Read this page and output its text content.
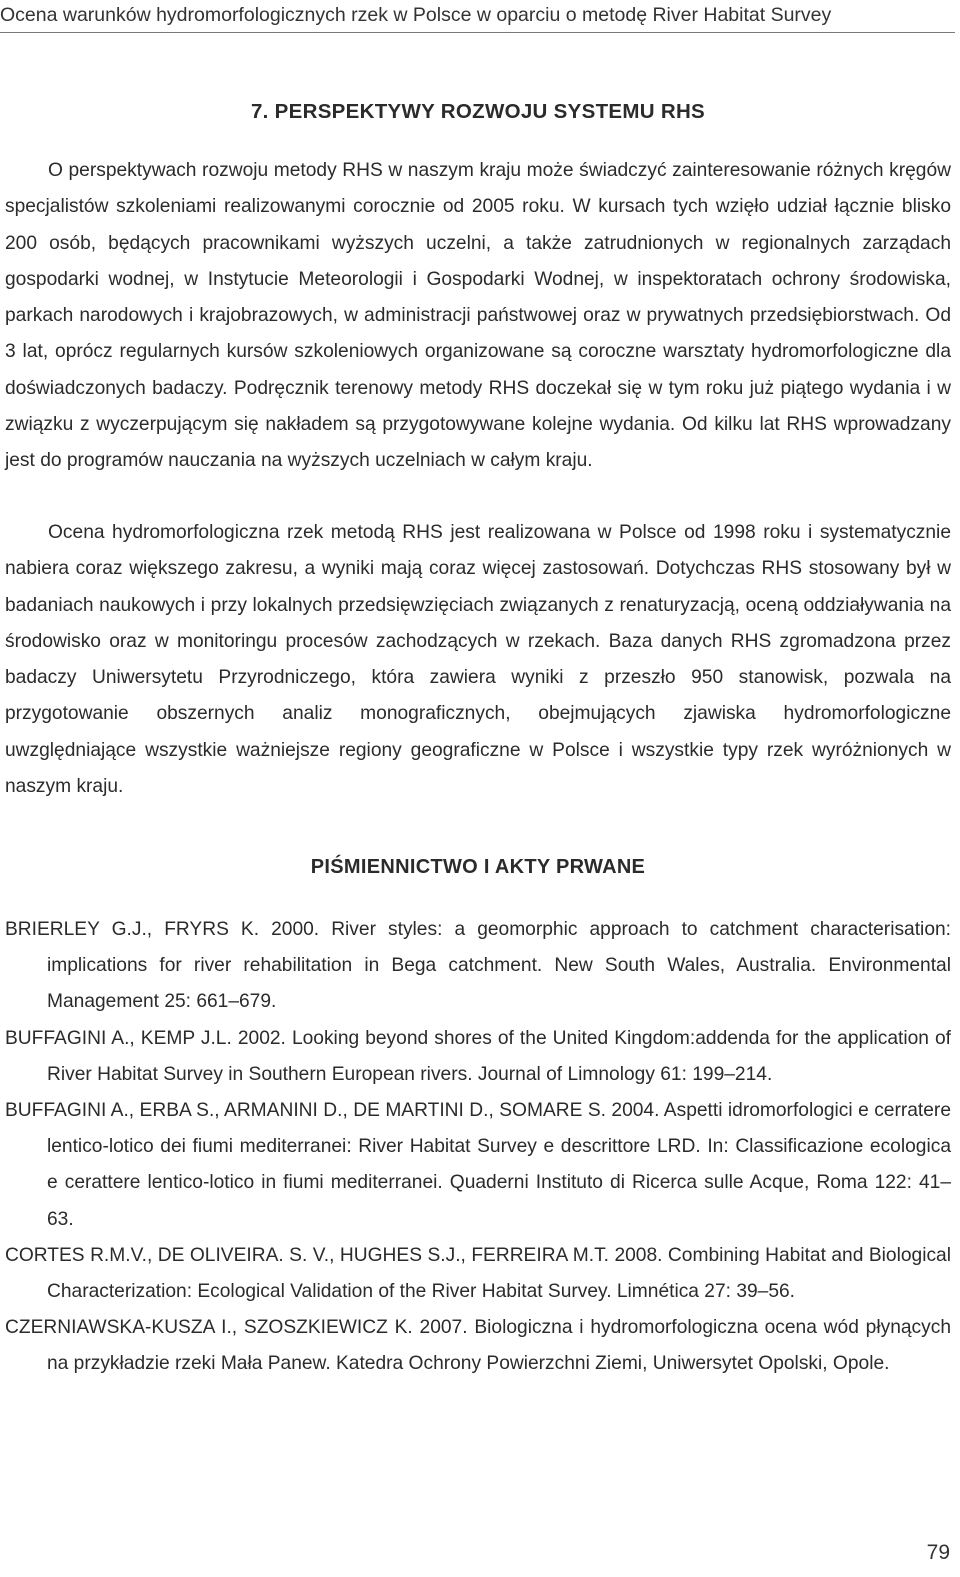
Ocena warunków hydromorfologicznych rzek w Polsce w oparciu o metodę River Habitat Survey
7. PERSPEKTYWY ROZWOJU SYSTEMU RHS

O perspektywach rozwoju metody RHS w naszym kraju może świadczyć zainteresowanie różnych kręgów specjalistów szkoleniami realizowanymi corocznie od 2005 roku. W kursach tych wzięło udział łącznie blisko 200 osób, będących pracownikami wyższych uczelni, a także zatrudnionych w regionalnych zarządach gospodarki wodnej, w Instytucie Meteorologii i Gospodarki Wodnej, w inspektoratach ochrony środowiska, parkach narodowych i krajobrazowych, w administracji państwowej oraz w prywatnych przedsiębiorstwach. Od 3 lat, oprócz regularnych kursów szkoleniowych organizowane są coroczne warsztaty hydromorfologiczne dla doświadczonych badaczy. Podręcznik terenowy metody RHS doczekał się w tym roku już piątego wydania i w związku z wyczerpującym się nakładem są przygotowywane kolejne wydania. Od kilku lat RHS wprowadzany jest do programów nauczania na wyższych uczelniach w całym kraju.

Ocena hydromorfologiczna rzek metodą RHS jest realizowana w Polsce od 1998 roku i systematycznie nabiera coraz większego zakresu, a wyniki mają coraz więcej zastosowań. Dotychczas RHS stosowany był w badaniach naukowych i przy lokalnych przedsięwzięciach związanych z renaturyzacją, oceną oddziaływania na środowisko oraz w monitoringu procesów zachodzących w rzekach. Baza danych RHS zgromadzona przez badaczy Uniwersytetu Przyrodniczego, która zawiera wyniki z przeszło 950 stanowisk, pozwala na przygotowanie obszernych analiz monograficznych, obejmujących zjawiska hydromorfologiczne uwzględniające wszystkie ważniejsze regiony geograficzne w Polsce i wszystkie typy rzek wyróżnionych w naszym kraju.

PIŚMIENNICTWO I AKTY PRWANE

BRIERLEY G.J., FRYRS K. 2000. River styles: a geomorphic approach to catchment characterisation: implications for river rehabilitation in Bega catchment. New South Wales, Australia. Environmental Management 25: 661–679.

BUFFAGINI A., KEMP J.L. 2002. Looking beyond shores of the United Kingdom:addenda for the application of River Habitat Survey in Southern European rivers. Journal of Limnology 61: 199–214.

BUFFAGINI A., ERBA S., ARMANINI D., DE MARTINI D., SOMARE S. 2004. Aspetti idromorfologici e cerratere lentico-lotico dei fiumi mediterranei: River Habitat Survey e descrittore LRD. In: Classificazione ecologica e ceratterе lentico-lotico in fiumi mediterranei. Quaderni Instituto di Ricerca sulle Acque, Roma 122: 41–63.

CORTES R.M.V., DE OLIVEIRA. S. V., HUGHES S.J., FERREIRA M.T. 2008. Combining Habitat and Biological Characterization: Ecological Validation of the River Habitat Survey. Limnética 27: 39–56.

CZERNIAWSKA-KUSZA I., SZOSZKIEWICZ K. 2007. Biologiczna i hydromorfologiczna ocena wód płynących na przykładzie rzeki Mała Panew. Katedra Ochrony Powierzchni Ziemi, Uniwersytet Opolski, Opole.

79
